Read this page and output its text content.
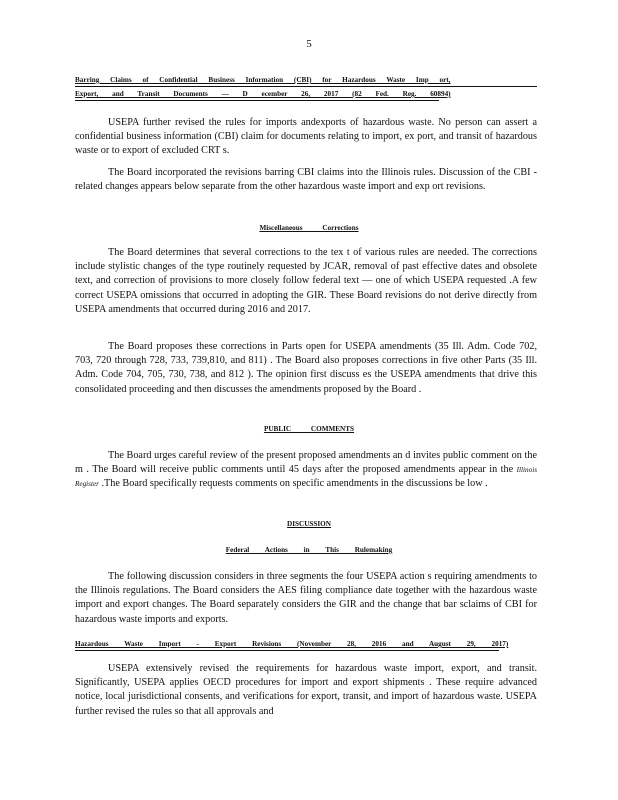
5
Barring Claims of Confidential Business Information (CBI) for Hazardous Waste Imp ort,
Export, and Transit Documents — D ecember 26, 2017 (82 Fed. Reg. 60894)

USEPA further revised the rules for imports andexports of hazardous waste. No person can assert a confidential business information (CBI) claim for documents relating to import, ex port, and transit of hazardous waste or to export of excluded CRT s.

The Board incorporated the revisions barring CBI claims into the Illinois rules. Discussion of the CBI -related changes appears below separate from the other hazardous waste import and exp ort revisions.

Miscellaneous Corrections

The Board determines that several corrections to the tex t of various rules are needed. The corrections include stylistic changes of the type routinely requested by JCAR, removal of past effective dates and obsolete text, and correction of provisions to more closely follow federal text — one of which USEPA requested .A few correct USEPA omissions that occurred in adopting the GIR. These Board revisions do not derive directly from USEPA amendments that occurred during 2016 and 2017.

The Board proposes these corrections in Parts open for USEPA amendments (35 Ill. Adm. Code 702, 703, 720 through 728, 733, 739,810, and 811) . The Board also proposes corrections in five other Parts (35 Ill. Adm. Code 704, 705, 730, 738, and 812 ). The opinion first discuss es the USEPA amendments that drive this consolidated proceeding and then discusses the amendments proposed by the Board .

PUBLIC COMMENTS

The Board urges careful review of the present proposed amendments an d invites public comment on the m . The Board will receive public comments until 45 days after the proposed amendments appear in the Illinois Register .The Board specifically requests comments on specific amendments in the discussions be low .

DISCUSSION
Federal Actions in This Rulemaking

The following discussion considers in three segments the four USEPA action s requiring amendments to the Illinois regulations. The Board considers the AES filing compliance date together with the hazardous waste import and export changes. The Board separately considers the GIR and the change that bar sclaims of CBI for hazardous waste imports and exports.

Hazardous Waste Import - Export Revisions (November 28, 2016 and August 29, 2017)

USEPA extensively revised the requirements for hazardous waste import, export, and transit. Significantly, USEPA applies OECD procedures for import and export shipments . These require advanced notice, local jurisdictional consents, and verifications for export, transit, and import of hazardous waste. USEPA further revised the rules so that all approvals and
